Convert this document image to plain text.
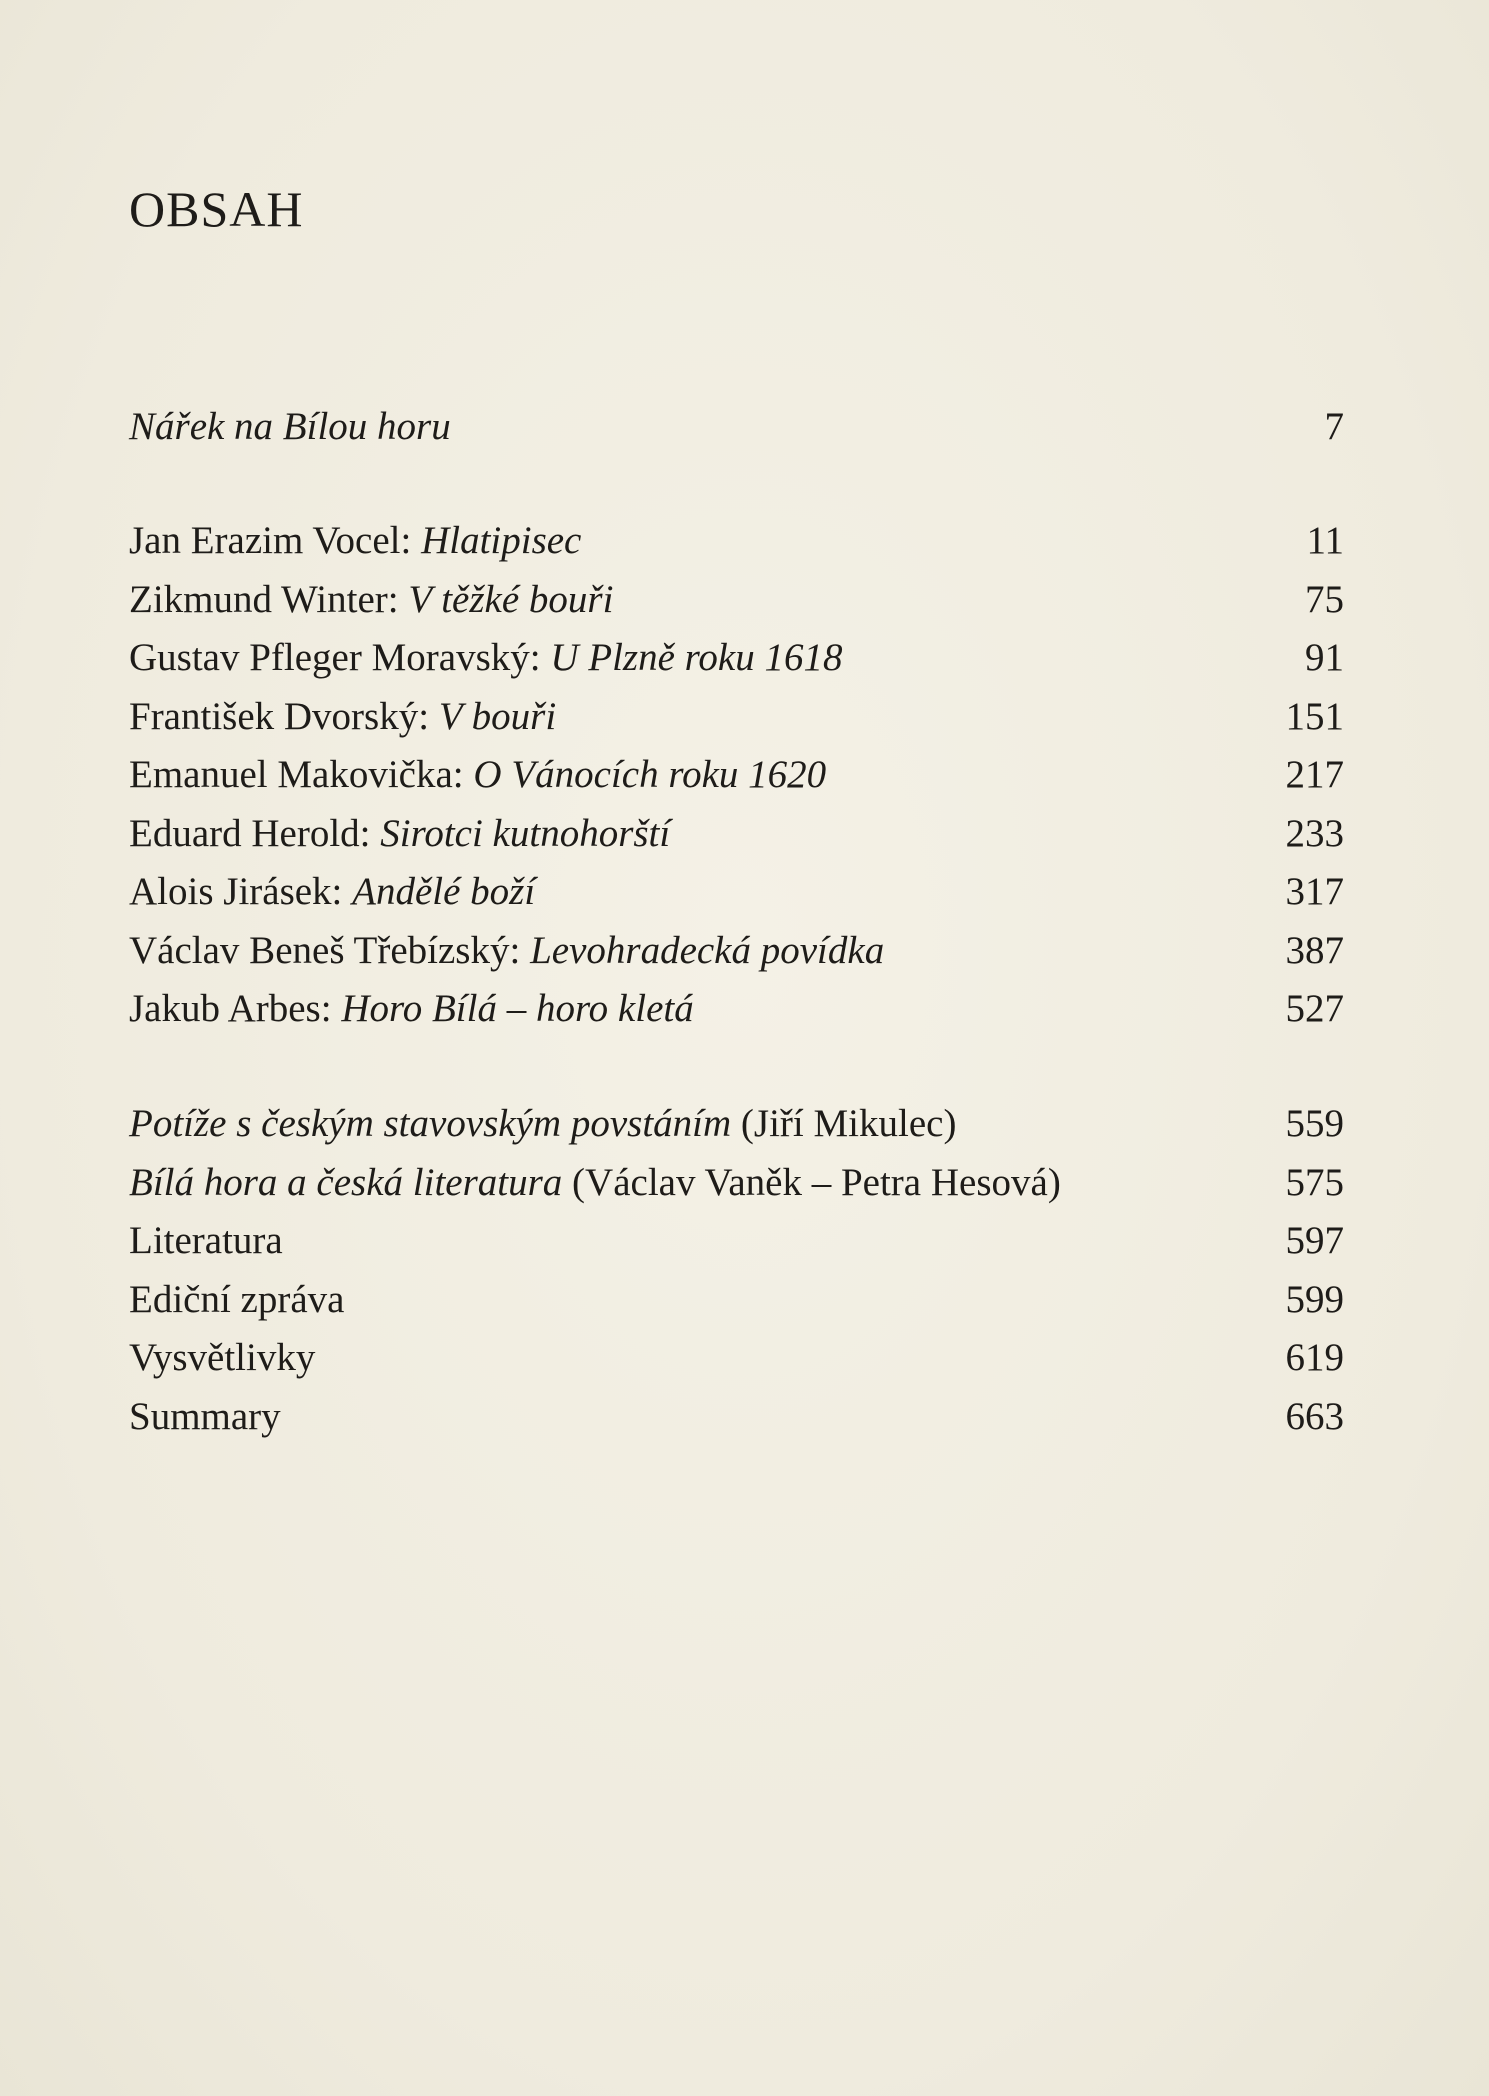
OBSAH
Nářek na Bílou horu	7
Jan Erazim Vocel: Hlatipisec	11
Zikmund Winter: V těžké bouři	75
Gustav Pfleger Moravský: U Plzně roku 1618	91
František Dvorský: V bouři	151
Emanuel Makovička: O Vánocích roku 1620	217
Eduard Herold: Sirotci kutnohorští	233
Alois Jirásek: Andělé boží	317
Václav Beneš Třebízský: Levohradecká povídka	387
Jakub Arbes: Horo Bílá – horo kletá	527
Potíže s českým stavovským povstáním (Jiří Mikulec)	559
Bílá hora a česká literatura (Václav Vaněk – Petra Hesová)	575
Literatura	597
Ediční zpráva	599
Vysvětlivky	619
Summary	663
